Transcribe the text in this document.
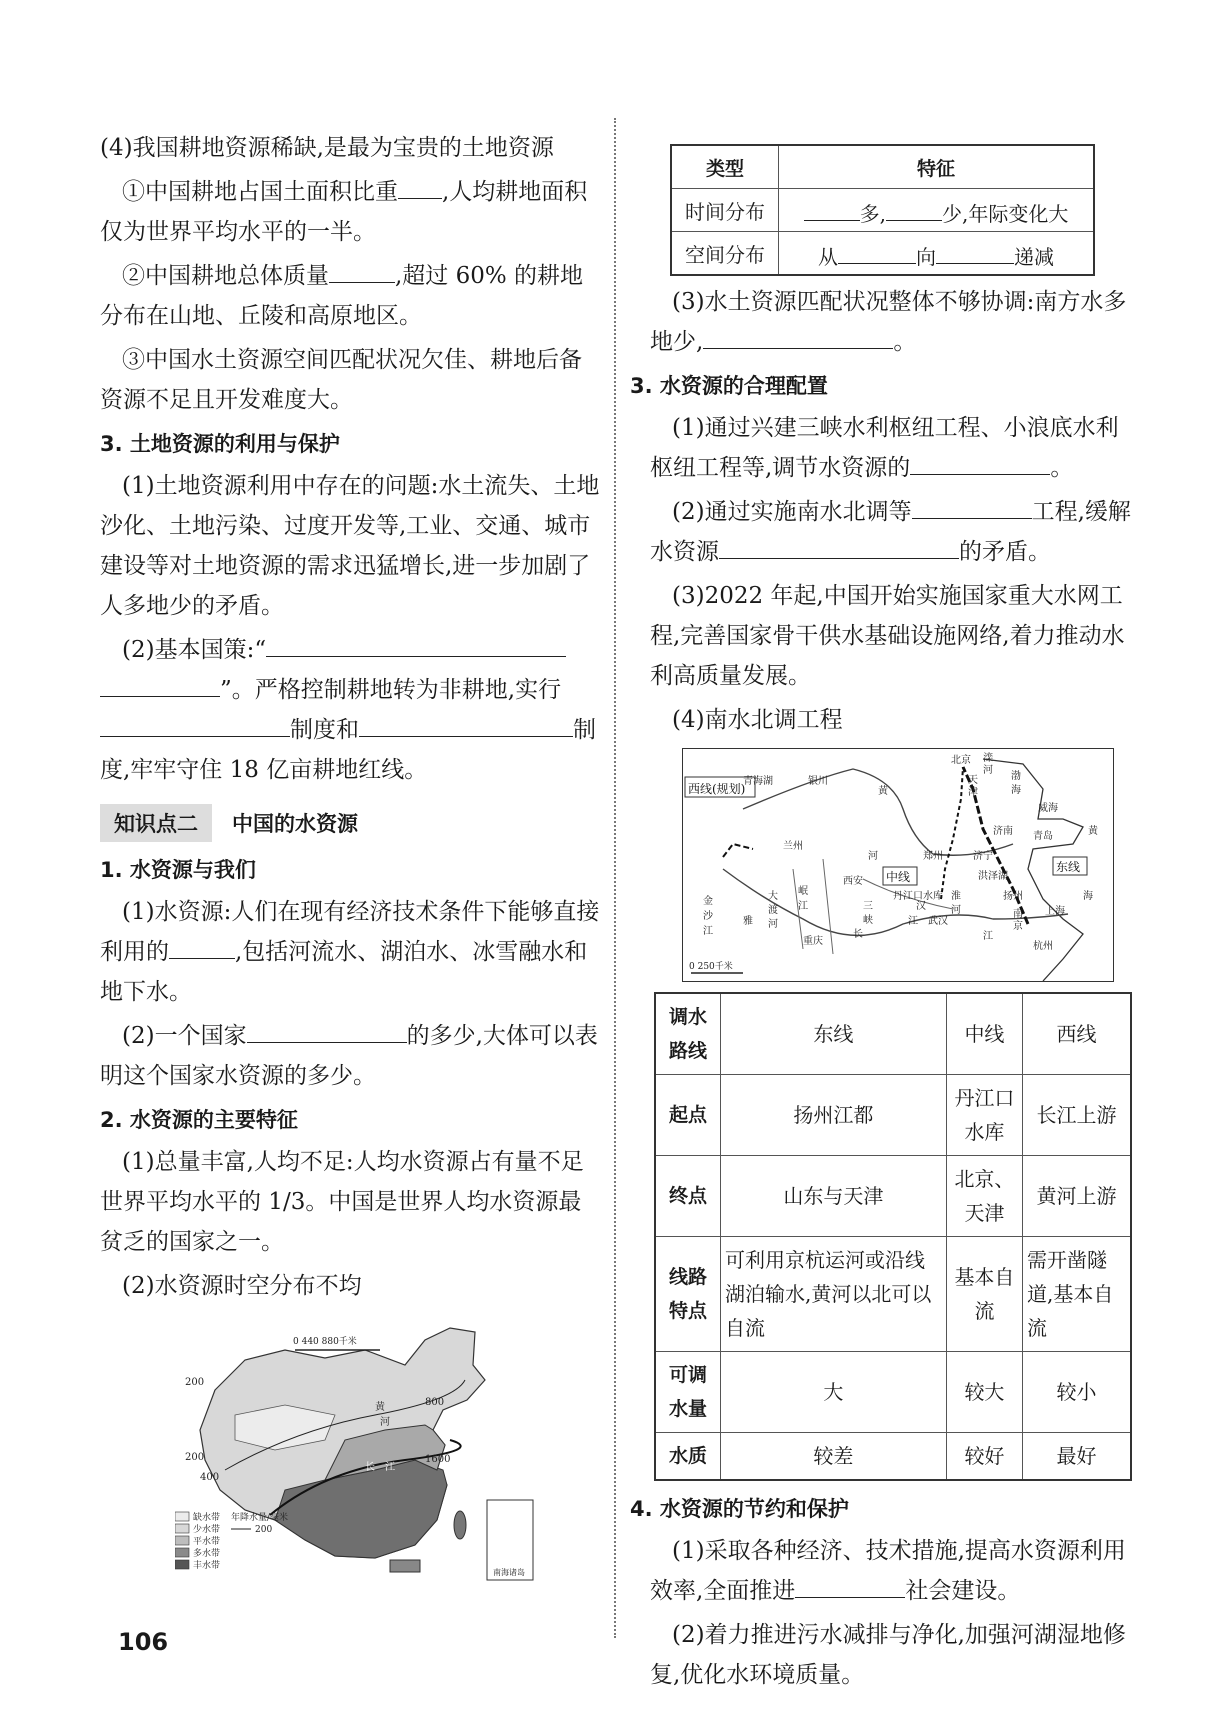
(4)我国耕地资源稀缺,是最为宝贵的土地资源

①中国耕地占国土面积比重 ,人均耕地面积仅为世界平均水平的一半。

②中国耕地总体质量	,超过 60% 的耕地分布在山地、丘陵和高原地区。

③中国水土资源空间匹配状况欠佳、耕地后备资源不足且开发难度大。

3. 土地资源的利用与保护

(1)土地资源利用中存在的问题:水土流失、土地沙化、土地污染、过度开发等,工业、交通、城市建设等对土地资源的需求迅猛增长,进一步加剧了人多地少的矛盾。

(2)基本国策:“”。严格控制耕地转为非耕地,实行制度和	制度,牢牢守住 18 亿亩耕地红线。

知识点二	中国的水资源
1. 水资源与我们

(1)水资源:人们在现有经济技术条件下能够直接利用的	,包括河流水、湖泊水、冰雪融水和地下水。

(2)一个国家	的多少,大体可以表明这个国家水资源的多少。

2. 水资源的主要特征

(1)总量丰富,人均不足:人均水资源占有量不足世界平均水平的 1/3。中国是世界人均水资源最贫乏的国家之一。

(2)水资源时空分布不均

南海诸岛
0 440 880千米
200
200
400
800
1600
黄
河
长 江
缺水带
少水带
平水带
多水带
丰水带
年降水量/毫米
200
类型	特征
时间分布	多, 少,年际变化大
空间分布	从 向 递减

(3)水土资源匹配状况整体不够协调:南方水多地少,	。

3. 水资源的合理配置

(1)通过兴建三峡水利枢纽工程、小浪底水利枢纽工程等,调节水资源的	。

(2)通过实施南水北调等	工程,缓解水资源	的矛盾。

(3)2022 年起,中国开始实施国家重大水网工程,完善国家骨干供水基础设施网络,着力推动水利高质量发展。

(4)南水北调工程

西线(规划)
中线
东线
北京 滦
河
天
津
渤
海
青海湖	银川
黄
河
兰州
西安
济南
威海
青岛	黄
郑州	济宁
洪泽湖
丹江口水库	扬州
南
京
上海
海
杭州
金
沙
江
雅
大
渡
河
岷
江
重庆
三
峡
长
江 武汉
汉
淮
河
江
0 250千米
调水路线	东线	中线	西线
起点	扬州江都	丹江口水库	长江上游
终点	山东与天津	北京、天津	黄河上游
线路特点	可利用京杭运河或沿线湖泊输水,黄河以北可以自流	基本自流	需开凿隧道,基本自流
可调水量	大	较大	较小
水质	较差	较好	最好
4. 水资源的节约和保护

(1)采取各种经济、技术措施,提高水资源利用效率,全面推进	社会建设。

(2)着力推进污水减排与净化,加强河湖湿地修复,优化水环境质量。

106
